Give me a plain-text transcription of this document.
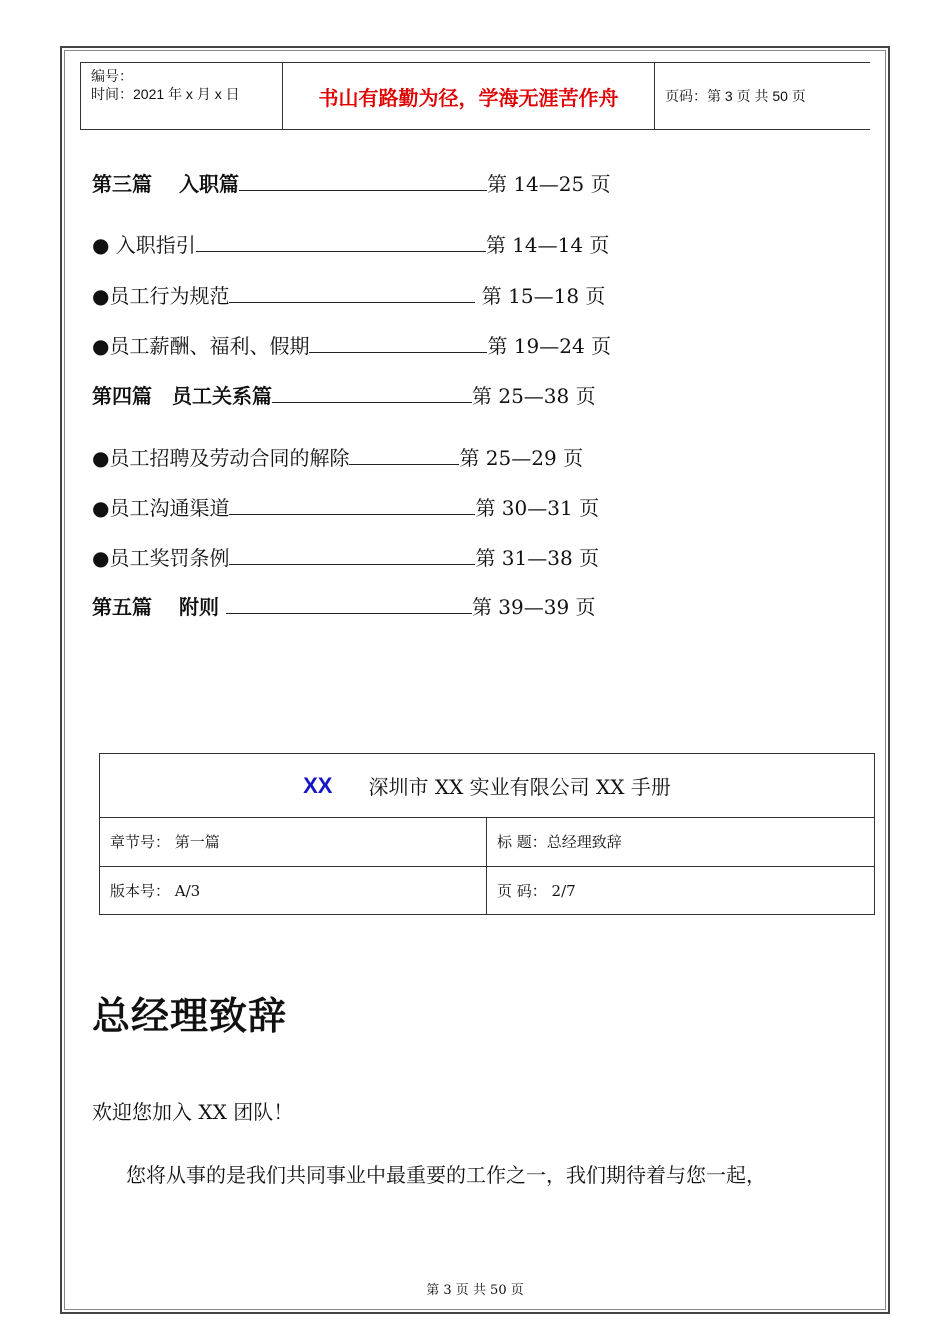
编号：
时间：2021 年 x 月 x 日	书山有路勤为径，学海无涯苦作舟	页码：第 3 页 共 50 页
第三篇　 入职篇	第 14—25 页
● 入职指引	第 14—14 页
●员工行为规范	第 15—18 页
●员工薪酬、福利、假期	第 19—24 页
第四篇　员工关系篇	第 25—38 页
●员工招聘及劳动合同的解除	第 25—29 页
●员工沟通渠道	第 30—31 页
●员工奖罚条例	第 31—38 页
第五篇　 附则	第 39—39 页
XX 深圳市 XX 实业有限公司 XX 手册
章节号： 第一篇	标 题：总经理致辞
版本号： A/3	页 码： 2/7
总经理致辞
欢迎您加入 XX 团队！
您将从事的是我们共同事业中最重要的工作之一，我们期待着与您一起，
第 3 页 共 50 页
